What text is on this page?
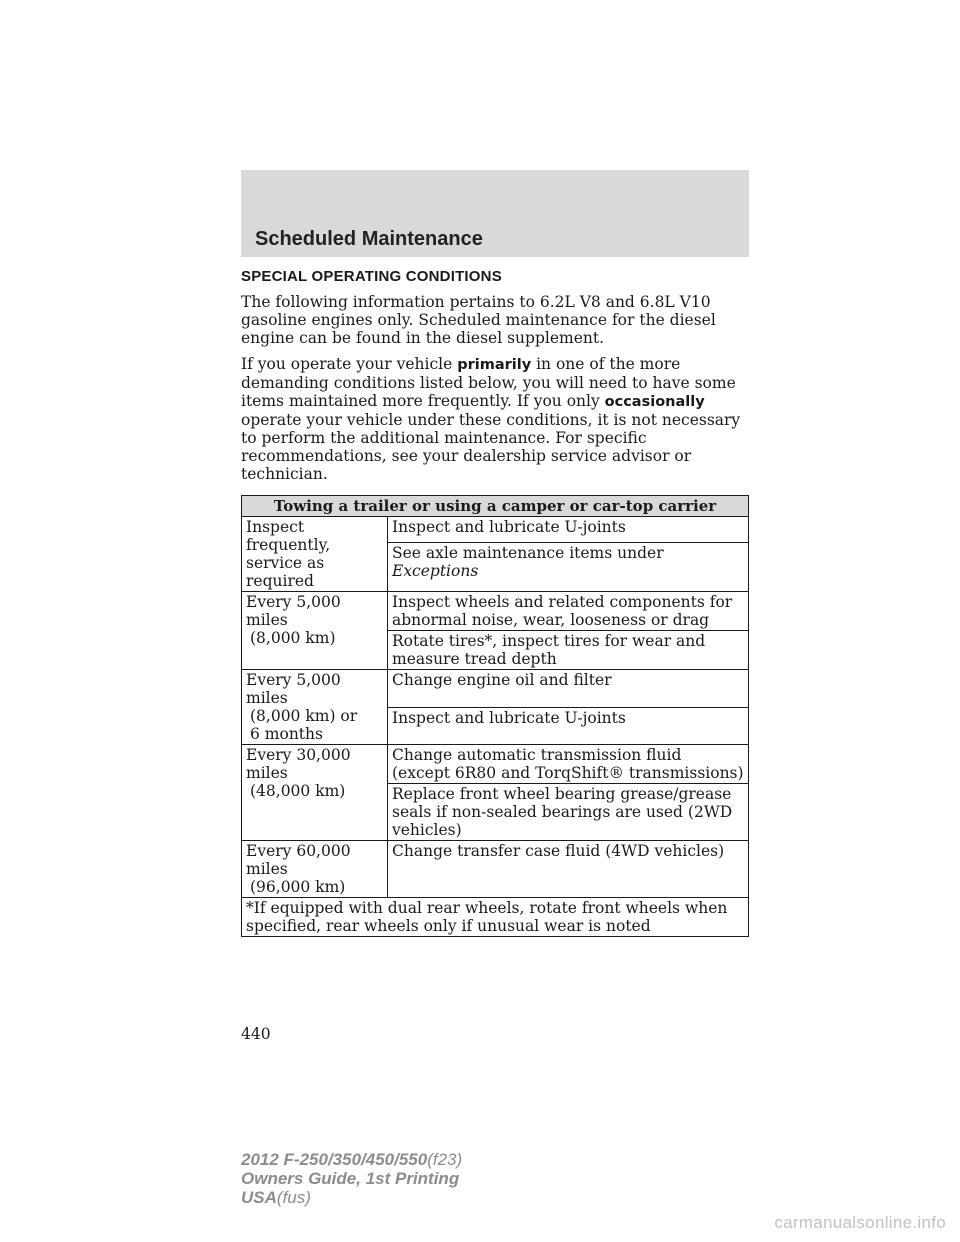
Scheduled Maintenance
SPECIAL OPERATING CONDITIONS

The following information pertains to 6.2L V8 and 6.8L V10 gasoline engines only. Scheduled maintenance for the diesel engine can be found in the diesel supplement.

If you operate your vehicle primarily in one of the more demanding conditions listed below, you will need to have some items maintained more frequently. If you only occasionally operate your vehicle under these conditions, it is not necessary to perform the additional maintenance. For specific recommendations, see your dealership service advisor or technician.

Towing a trailer or using a camper or car-top carrier	

Inspect frequently,
service as required	Inspect and lubricate U-joints
	See axle maintenance items under Exceptions

Every 5,000 miles
(8,000 km)	Inspect wheels and related components for abnormal noise, wear, looseness or drag
	Rotate tires*, inspect tires for wear and measure tread depth

Every 5,000 miles
(8,000 km) or
6 months	Change engine oil and filter
	Inspect and lubricate U-joints

Every 30,000 miles
(48,000 km)	Change automatic transmission fluid (except 6R80 and TorqShift® transmissions)
	Replace front wheel bearing grease/grease seals if non-sealed bearings are used (2WD vehicles)

Every 60,000 miles
(96,000 km)	Change transfer case fluid (4WD vehicles)
*If equipped with dual rear wheels, rotate front wheels when specified, rear wheels only if unusual wear is noted	
440
2012 F-250/350/450/550(f23)
Owners Guide, 1st Printing
USA(fus)
carmanualsonline.info
